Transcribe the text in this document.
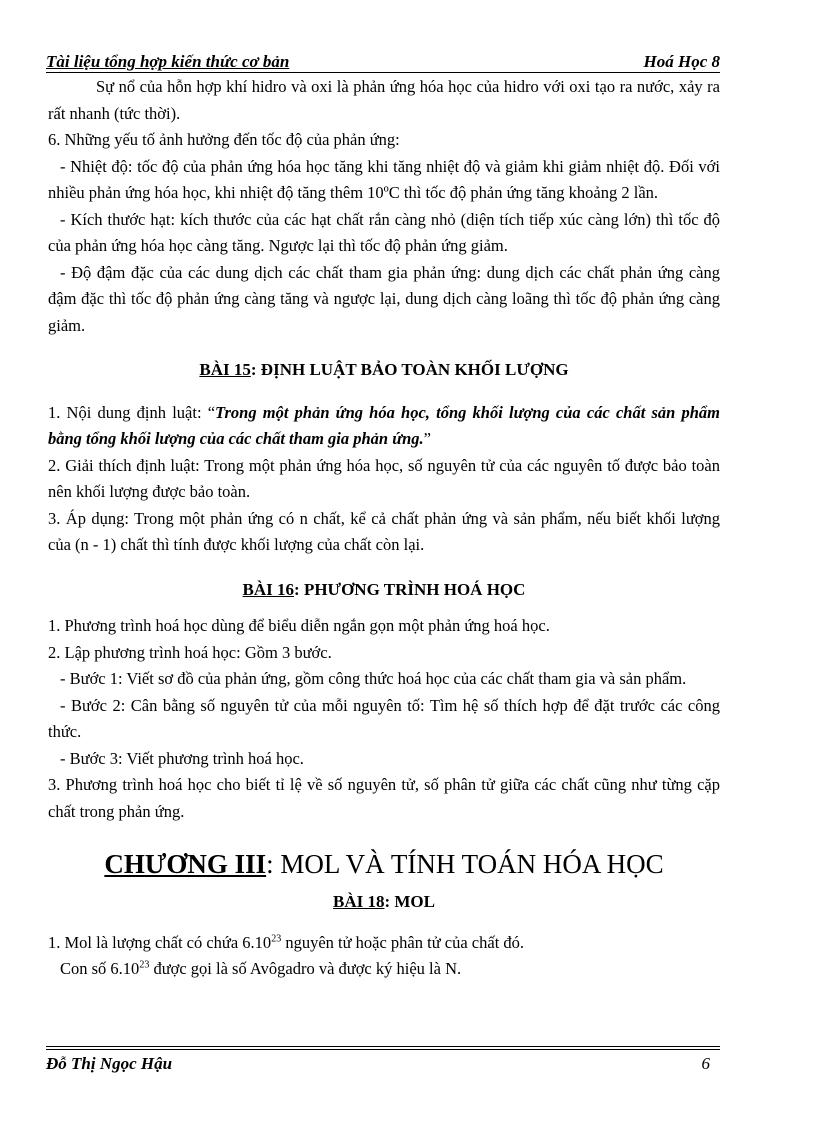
Tài liệu tổng hợp kiến thức cơ bản	Hoá Học 8

Sự nổ của hỗn hợp khí hidro và oxi là phản ứng hóa học của hidro với oxi tạo ra nước, xảy ra rất nhanh (tức thời).

6. Những yếu tố ảnh hưởng đến tốc độ của phản ứng:

- Nhiệt độ: tốc độ của phản ứng hóa học tăng khi tăng nhiệt độ và giảm khi giảm nhiệt độ. Đối với nhiều phản ứng hóa học, khi nhiệt độ tăng thêm 10ºC thì tốc độ phản ứng tăng khoảng 2 lần.

- Kích thước hạt: kích thước của các hạt chất rắn càng nhỏ (diện tích tiếp xúc càng lớn) thì tốc độ của phản ứng hóa học càng tăng. Ngược lại thì tốc độ phản ứng giảm.

- Độ đậm đặc của các dung dịch các chất tham gia phản ứng: dung dịch các chất phản ứng càng đậm đặc thì tốc độ phản ứng càng tăng và ngược lại, dung dịch càng loãng thì tốc độ phản ứng càng giảm.

BÀI 15: ĐỊNH LUẬT BẢO TOÀN KHỐI LƯỢNG

1. Nội dung định luật: “Trong một phản ứng hóa học, tổng khối lượng của các chất sản phẩm bằng tổng khối lượng của các chất tham gia phản ứng.”

2. Giải thích định luật: Trong một phản ứng hóa học, số nguyên tử của các nguyên tố được bảo toàn nên khối lượng được bảo toàn.

3. Áp dụng: Trong một phản ứng có n chất, kể cả chất phản ứng và sản phẩm, nếu biết khối lượng của (n - 1) chất thì tính được khối lượng của chất còn lại.

BÀI 16: PHƯƠNG TRÌNH HOÁ HỌC

1. Phương trình hoá học dùng để biểu diễn ngắn gọn một phản ứng hoá học.

2. Lập phương trình hoá học: Gồm 3 bước.

- Bước 1: Viết sơ đồ của phản ứng, gồm công thức hoá học của các chất tham gia và sản phẩm.

- Bước 2: Cân bằng số nguyên tử của mỗi nguyên tố: Tìm hệ số thích hợp để đặt trước các công thức.

- Bước 3: Viết phương trình hoá học.

3. Phương trình hoá học cho biết tỉ lệ về số nguyên tử, số phân tử giữa các chất cũng như từng cặp chất trong phản ứng.

CHƯƠNG III: MOL VÀ TÍNH TOÁN HÓA HỌC
BÀI 18: MOL

1. Mol là lượng chất có chứa 6.10$^{23}$ nguyên tử hoặc phân tử của chất đó.

Con số 6.10$^{23}$ được gọi là số Avôgadro và được ký hiệu là N.

Đỗ Thị Ngọc Hậu	6
